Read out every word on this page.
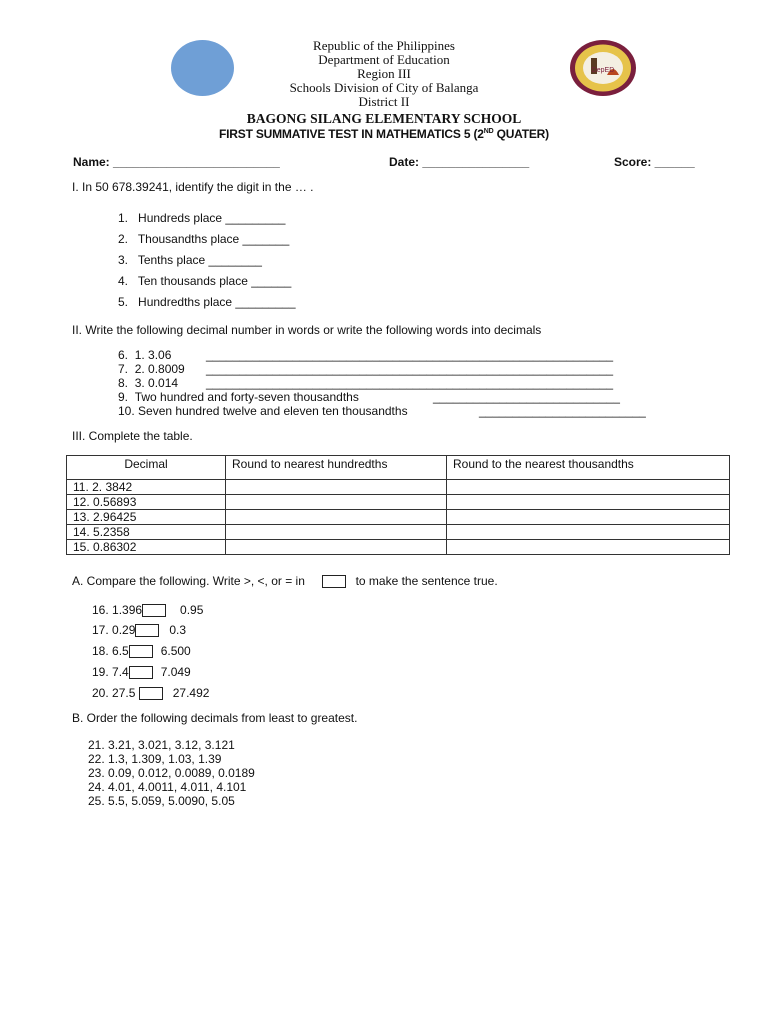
DepED
Republic of the Philippines
Department of Education
Region III
Schools Division of City of Balanga
District II
BAGONG SILANG ELEMENTARY SCHOOL
FIRST SUMMATIVE TEST IN MATHEMATICS 5 (2ND QUATER)
Name: _________________________	Date: ________________	Score: ______
I. In 50 678.39241, identify the digit in the … .
1. Hundreds place _________
2. Thousandths place _______
3. Tenths place ________
4. Ten thousands place ______
5. Hundredths place _________
II. Write the following decimal number in words or write the following words into decimals
6. 1. 3.06	_____________________________________________________________
7. 2. 0.8009 _____________________________________________________________
8. 3. 0.014 _____________________________________________________________
9. Two hundred and forty-seven thousandths	____________________________
10. Seven hundred twelve and eleven ten thousandths	_________________________
III. Complete the table.
Decimal	Round to nearest hundredths	Round to the nearest thousandths
11. 2. 3842		
12. 0.56893		
13. 2.96425		
14. 5.2358		
15. 0.86302		
A. Compare the following. Write >, <, or = in	to make the sentence true.
16. 1.396	0.95
17. 0.29	0.3
18. 6.5	6.500
19. 7.4	7.049
20. 27.5	27.492
B. Order the following decimals from least to greatest.
21. 3.21, 3.021, 3.12, 3.121
22. 1.3, 1.309, 1.03, 1.39
23. 0.09, 0.012, 0.0089, 0.0189
24. 4.01, 4.0011, 4.011, 4.101
25. 5.5, 5.059, 5.0090, 5.05
